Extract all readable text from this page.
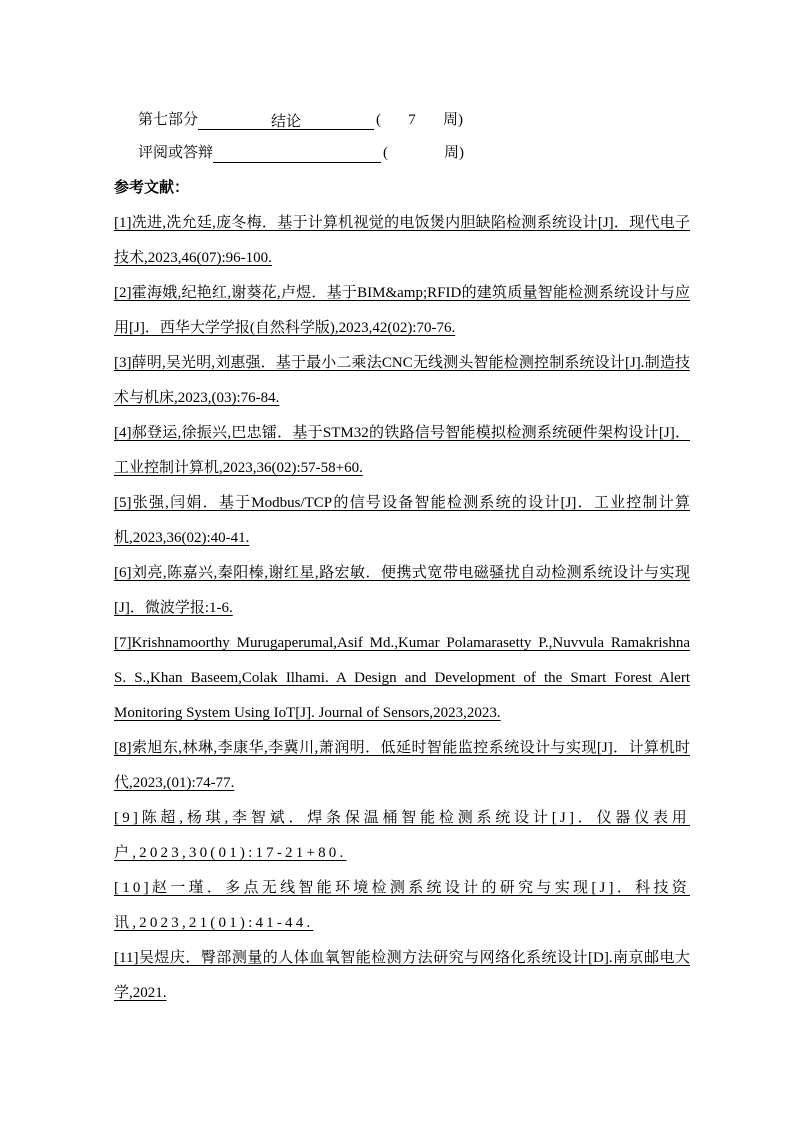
第七部分	结论	( 7 周)
评阅或答辩	(	周)
参考文献：
[1]冼进,冼允廷,庞冬梅．基于计算机视觉的电饭煲内胆缺陷检测系统设计[J]．现代电子技术,2023,46(07):96-100.
[2]霍海娥,纪艳红,谢葵花,卢煜．基于BIM&amp;RFID的建筑质量智能检测系统设计与应用[J]．西华大学学报(自然科学版),2023,42(02):70-76.
[3]薛明,吴光明,刘惠强．基于最小二乘法CNC无线测头智能检测控制系统设计[J].制造技术与机床,2023,(03):76-84.
[4]郝登运,徐振兴,巴忠镭．基于STM32的铁路信号智能模拟检测系统硬件架构设计[J]．工业控制计算机,2023,36(02):57-58+60.
[5]张强,闫娟．基于Modbus/TCP的信号设备智能检测系统的设计[J]．工业控制计算机,2023,36(02):40-41.
[6]刘亮,陈嘉兴,秦阳榛,谢红星,路宏敏．便携式宽带电磁骚扰自动检测系统设计与实现[J]．微波学报:1-6.
[7]Krishnamoorthy Murugaperumal,Asif Md.,Kumar Polamarasetty P.,Nuvvula Ramakrishna S. S.,Khan Baseem,Colak Ilhami. A Design and Development of the Smart Forest Alert Monitoring System Using IoT[J]. Journal of Sensors,2023,2023.
[8]索旭东,林琳,李康华,李冀川,萧润明．低延时智能监控系统设计与实现[J]．计算机时代,2023,(01):74-77.
[9]陈超,杨琪,李智斌．焊条保温桶智能检测系统设计[J]．仪器仪表用户,2023,30(01):17-21+80.
[10]赵一瑾．多点无线智能环境检测系统设计的研究与实现[J]．科技资讯,2023,21(01):41-44.
[11]吴煜庆．臀部测量的人体血氧智能检测方法研究与网络化系统设计[D].南京邮电大学,2021.
